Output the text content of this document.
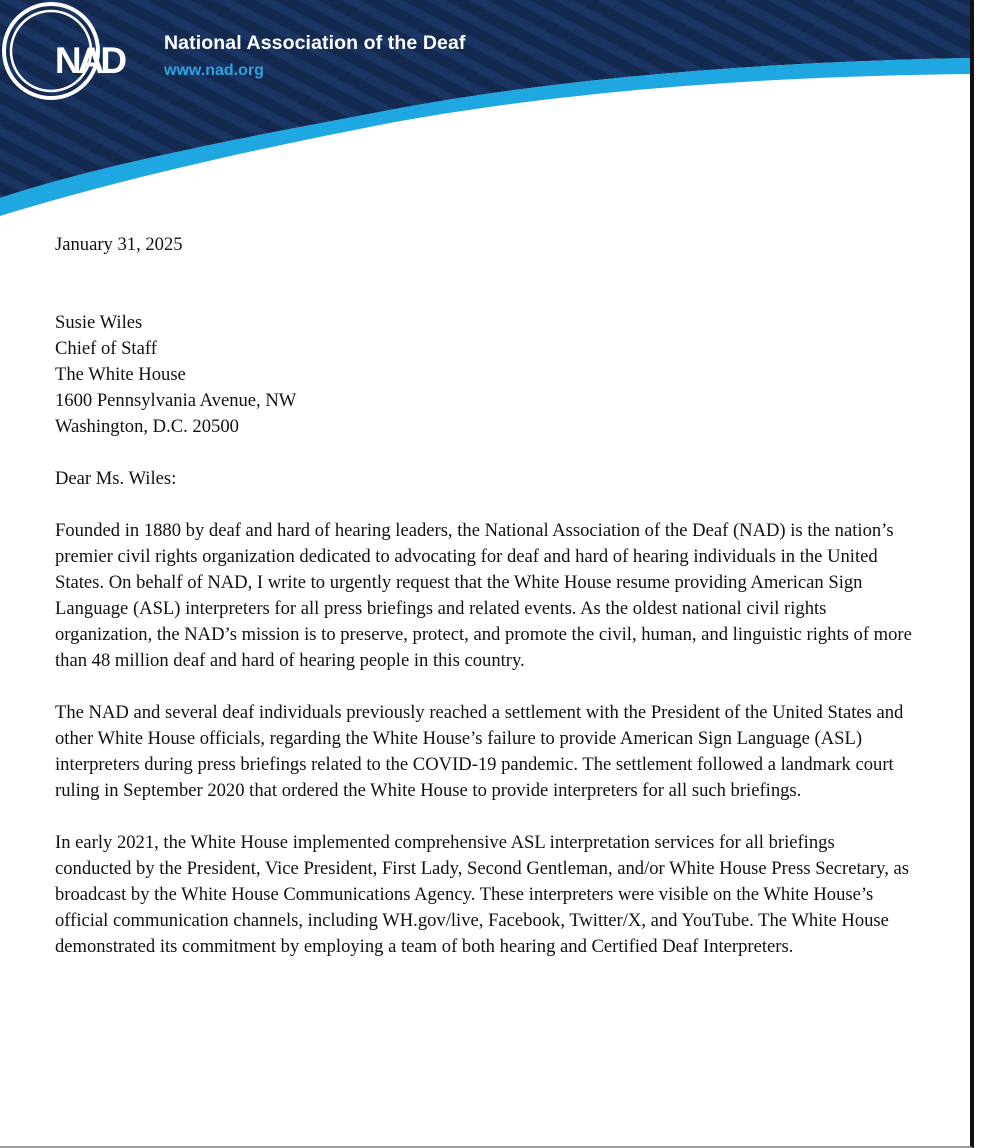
NAD	National Association of the Deaf
www.nad.org

January 31, 2025

Susie Wiles
Chief of Staff
The White House
1600 Pennsylvania Avenue, NW
Washington, D.C. 20500

Dear Ms. Wiles:

Founded in 1880 by deaf and hard of hearing leaders, the National Association of the Deaf (NAD) is the nation’s premier civil rights organization dedicated to advocating for deaf and hard of hearing individuals in the United States. On behalf of NAD, I write to urgently request that the White House resume providing American Sign Language (ASL) interpreters for all press briefings and related events. As the oldest national civil rights organization, the NAD’s mission is to preserve, protect, and promote the civil, human, and linguistic rights of more than 48 million deaf and hard of hearing people in this country.

The NAD and several deaf individuals previously reached a settlement with the President of the United States and other White House officials, regarding the White House’s failure to provide American Sign Language (ASL) interpreters during press briefings related to the COVID-19 pandemic. The settlement followed a landmark court ruling in September 2020 that ordered the White House to provide interpreters for all such briefings.

In early 2021, the White House implemented comprehensive ASL interpretation services for all briefings conducted by the President, Vice President, First Lady, Second Gentleman, and/or White House Press Secretary, as broadcast by the White House Communications Agency. These interpreters were visible on the White House’s official communication channels, including WH.gov/live, Facebook, Twitter/X, and YouTube. The White House demonstrated its commitment by employing a team of both hearing and Certified Deaf Interpreters.
